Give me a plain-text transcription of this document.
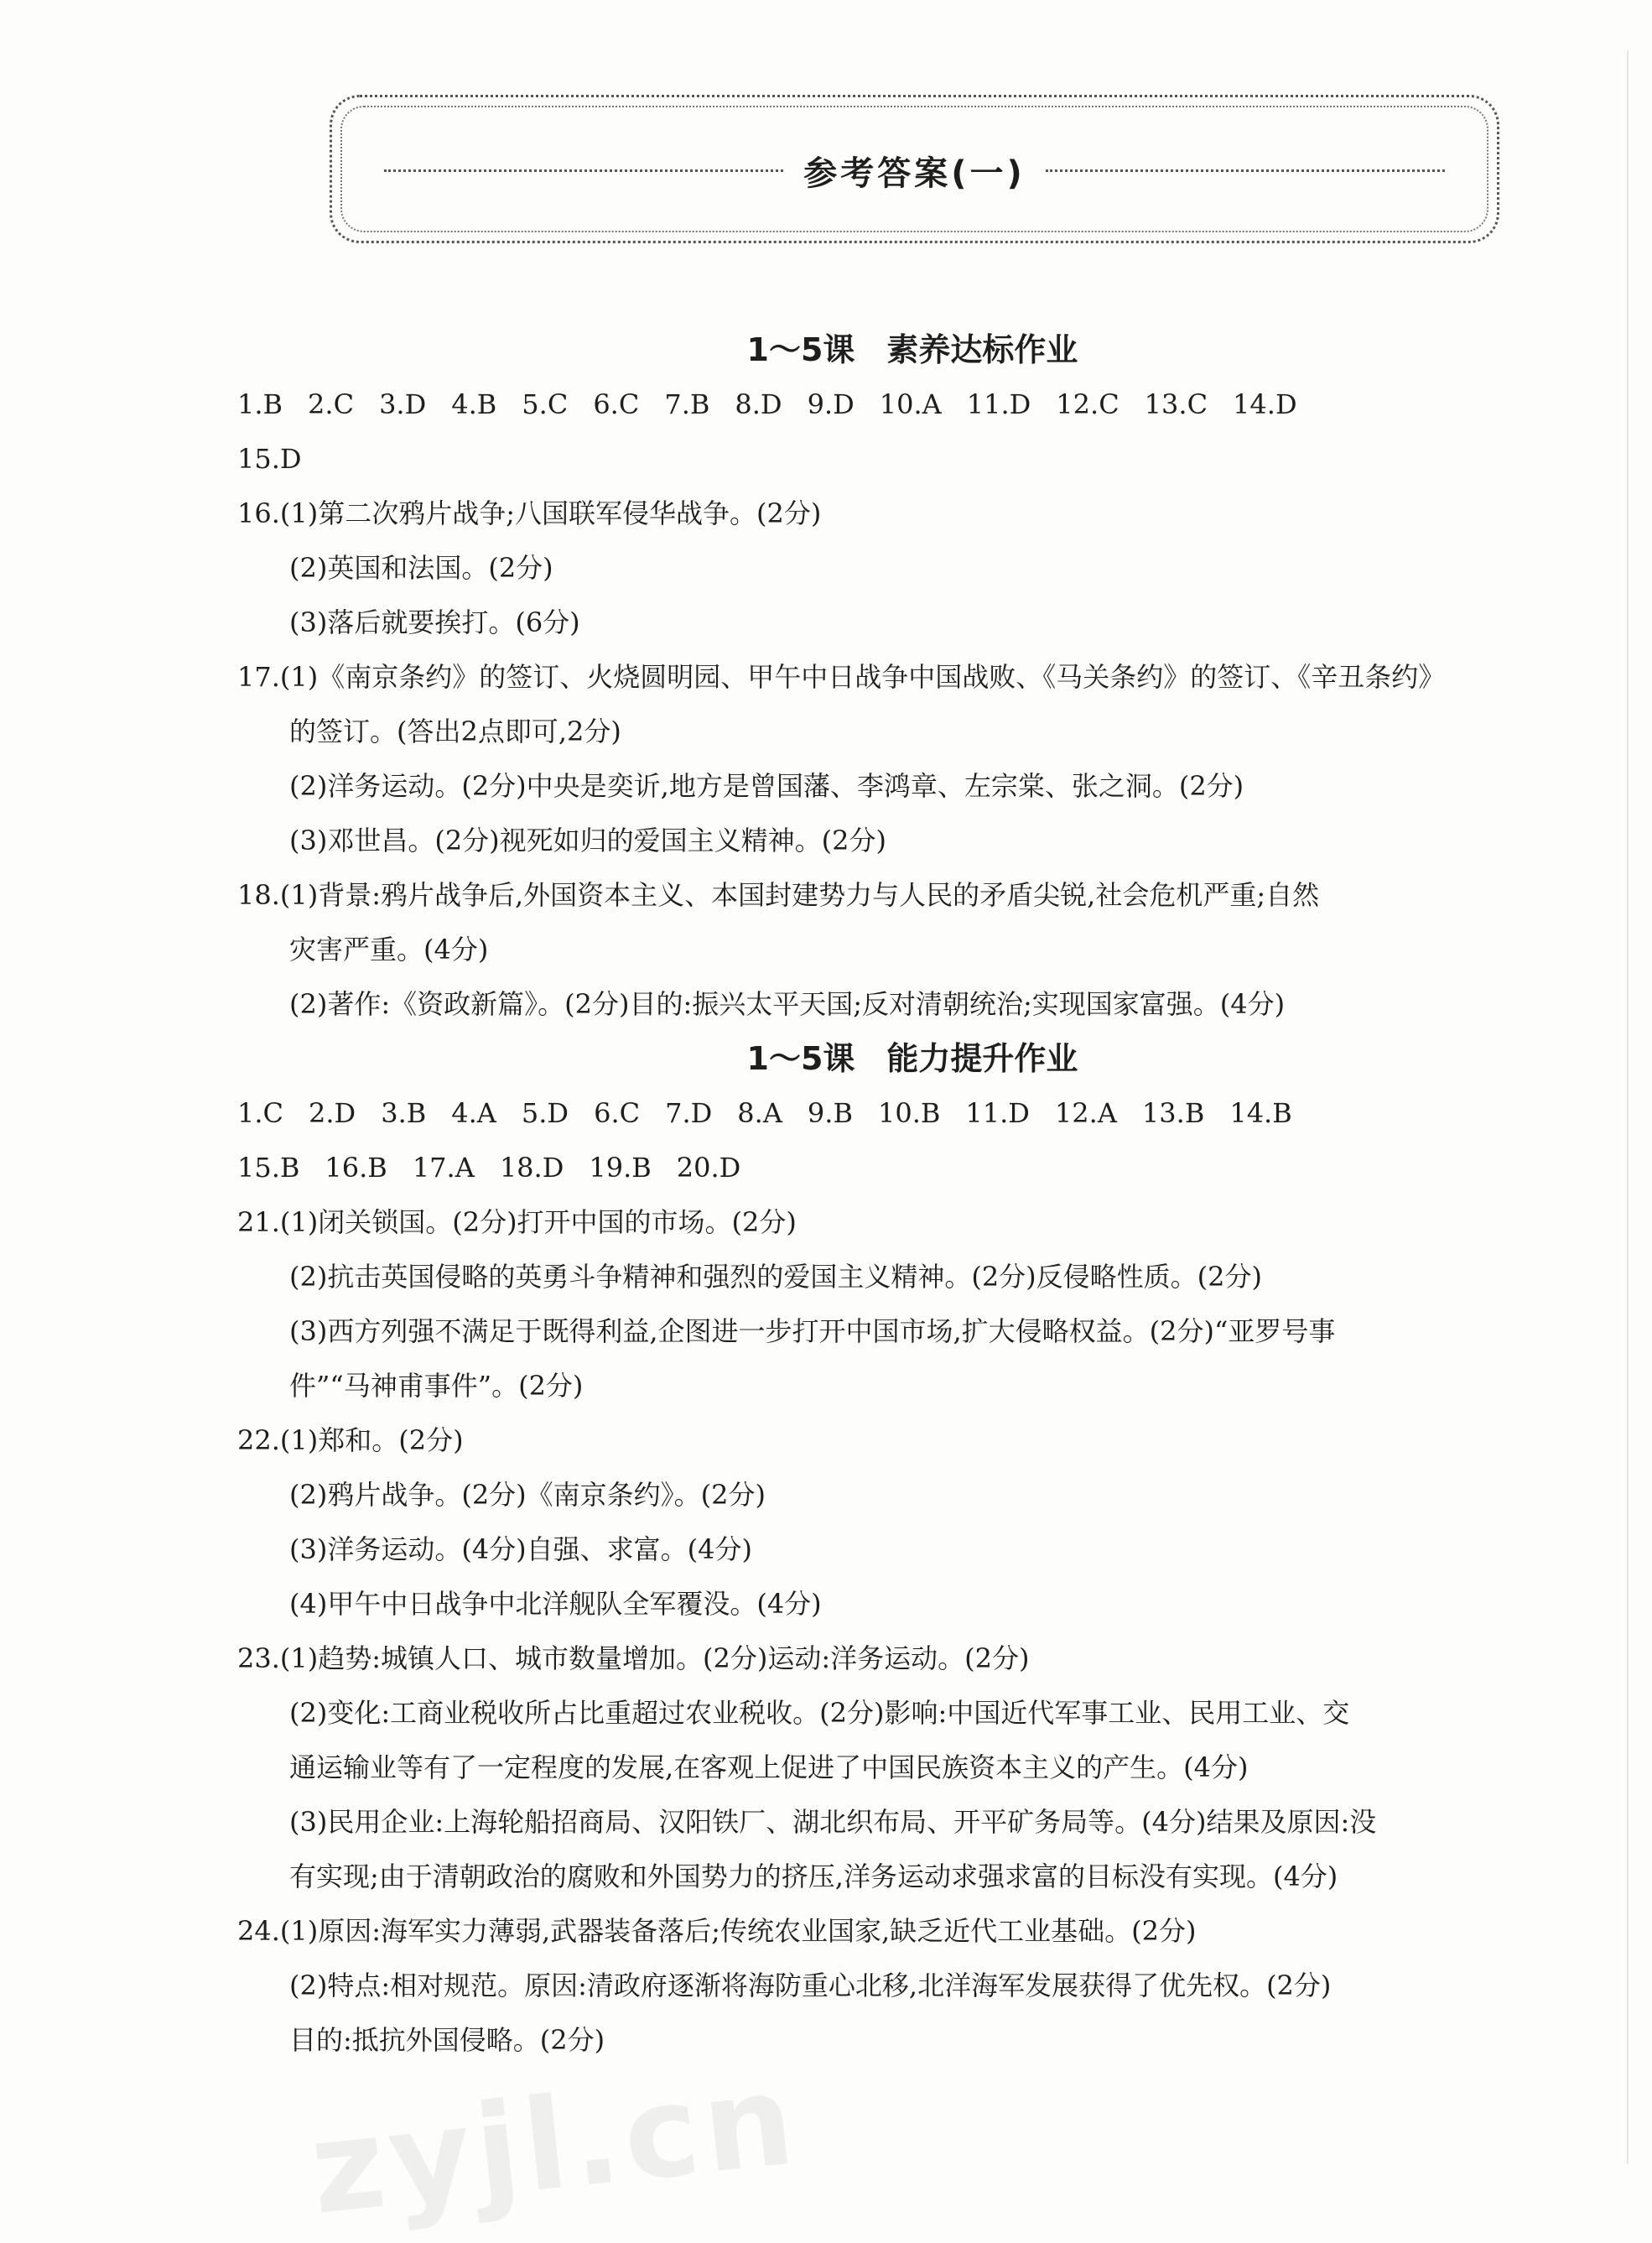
参考答案(一)
1～5课　素养达标作业
1.B 2.C 3.D 4.B 5.C 6.C 7.B 8.D 9.D 10.A 11.D 12.C 13.C 14.D
15.D
16.(1)第二次鸦片战争;八国联军侵华战争。(2分)
(2)英国和法国。(2分)
(3)落后就要挨打。(6分)
17.(1)《南京条约》的签订、火烧圆明园、甲午中日战争中国战败、《马关条约》的签订、《辛丑条约》
的签订。(答出2点即可,2分)
(2)洋务运动。(2分)中央是奕䜣,地方是曾国藩、李鸿章、左宗棠、张之洞。(2分)
(3)邓世昌。(2分)视死如归的爱国主义精神。(2分)
18.(1)背景:鸦片战争后,外国资本主义、本国封建势力与人民的矛盾尖锐,社会危机严重;自然
灾害严重。(4分)
(2)著作:《资政新篇》。(2分)目的:振兴太平天国;反对清朝统治;实现国家富强。(4分)
1～5课　能力提升作业
1.C 2.D 3.B 4.A 5.D 6.C 7.D 8.A 9.B 10.B 11.D 12.A 13.B 14.B
15.B 16.B 17.A 18.D 19.B 20.D
21.(1)闭关锁国。(2分)打开中国的市场。(2分)
(2)抗击英国侵略的英勇斗争精神和强烈的爱国主义精神。(2分)反侵略性质。(2分)
(3)西方列强不满足于既得利益,企图进一步打开中国市场,扩大侵略权益。(2分)“亚罗号事
件”“马神甫事件”。(2分)
22.(1)郑和。(2分)
(2)鸦片战争。(2分)《南京条约》。(2分)
(3)洋务运动。(4分)自强、求富。(4分)
(4)甲午中日战争中北洋舰队全军覆没。(4分)
23.(1)趋势:城镇人口、城市数量增加。(2分)运动:洋务运动。(2分)
(2)变化:工商业税收所占比重超过农业税收。(2分)影响:中国近代军事工业、民用工业、交
通运输业等有了一定程度的发展,在客观上促进了中国民族资本主义的产生。(4分)
(3)民用企业:上海轮船招商局、汉阳铁厂、湖北织布局、开平矿务局等。(4分)结果及原因:没
有实现;由于清朝政治的腐败和外国势力的挤压,洋务运动求强求富的目标没有实现。(4分)
24.(1)原因:海军实力薄弱,武器装备落后;传统农业国家,缺乏近代工业基础。(2分)
(2)特点:相对规范。原因:清政府逐渐将海防重心北移,北洋海军发展获得了优先权。(2分)
目的:抵抗外国侵略。(2分)
zyjl.cn
